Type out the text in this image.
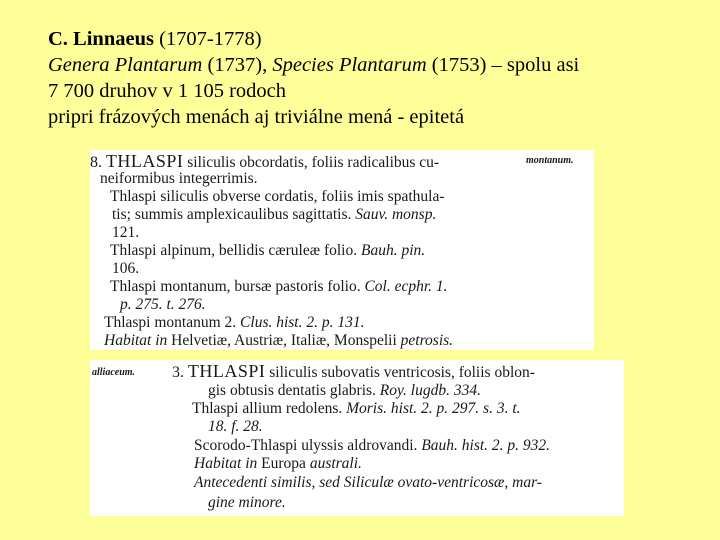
C. Linnaeus (1707-1778)
Genera Plantarum (1737), Species Plantarum (1753) – spolu asi
7 700 druhov v 1 105 rodoch
pripri frázových menách aj triviálne mená - epitetá
8. THLASPI siliculis obcordatis, foliis radicalibus cu-	montanum.
neiformibus integerrimis.
Thlaspi siliculis obverse cordatis, foliis imis spathula-
tis; summis amplexicaulibus sagittatis. Sauv. monsp.
121.
Thlaspi alpinum, bellidis cæruleæ folio. Bauh. pin.
106.
Thlaspi montanum, bursæ pastoris folio. Col. ecphr. 1.
p. 275. t. 276.
Thlaspi montanum 2. Clus. hist. 2. p. 131.
Habitat in Helvetiæ, Austriæ, Italiæ, Monspelii petrosis.
alliaceum. 3. THLASPI siliculis subovatis ventricosis, foliis oblon-
gis obtusis dentatis glabris. Roy. lugdb. 334.
Thlaspi allium redolens. Moris. hist. 2. p. 297. s. 3. t.
18. f. 28.
Scorodo-Thlaspi ulyssis aldrovandi. Bauh. hist. 2. p. 932.
Habitat in Europa australi.
Antecedenti similis, sed Siliculæ ovato-ventricosæ, mar-
gine minore.
